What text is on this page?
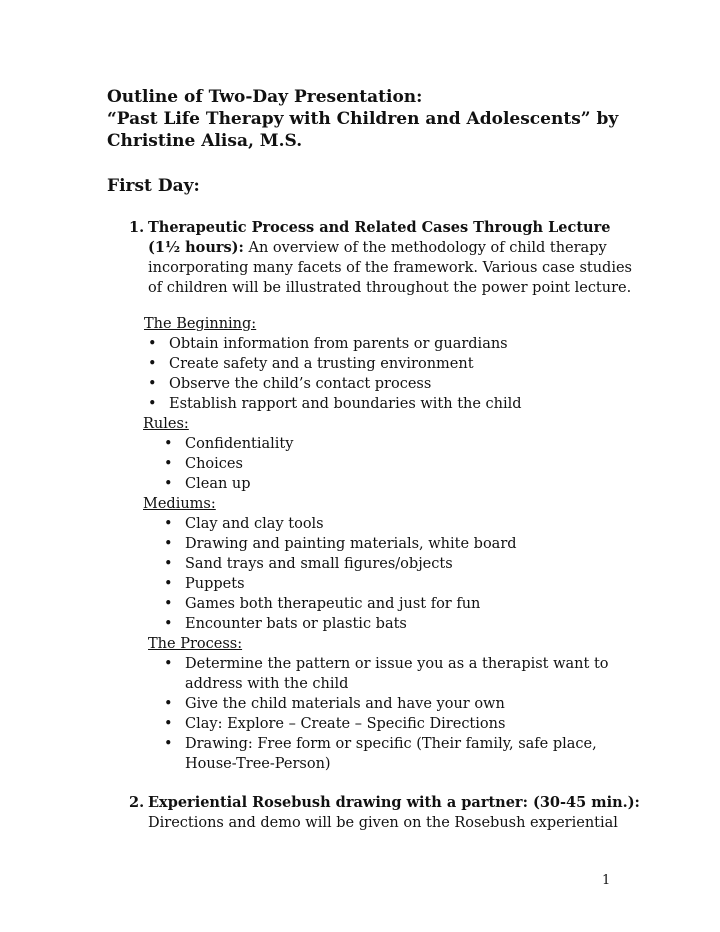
Outline of Two-Day Presentation:
“Past Life Therapy with Children and Adolescents” by
Christine Alisa, M.S.
First Day:
1. Therapeutic Process and Related Cases Through Lecture
(1½ hours): An overview of the methodology of child therapy
incorporating many facets of the framework. Various case studies
of children will be illustrated throughout the power point lecture.
The Beginning:
• Obtain information from parents or guardians
• Create safety and a trusting environment
• Observe the child’s contact process
• Establish rapport and boundaries with the child
Rules:
• Confidentiality
• Choices
• Clean up
Mediums:
• Clay and clay tools
• Drawing and painting materials, white board
• Sand trays and small figures/objects
• Puppets
• Games both therapeutic and just for fun
• Encounter bats or plastic bats
The Process:
• Determine the pattern or issue you as a therapist want to
address with the child
• Give the child materials and have your own
• Clay: Explore – Create – Specific Directions
• Drawing: Free form or specific (Their family, safe place,
House-Tree-Person)
2. Experiential Rosebush drawing with a partner: (30-45 min.):
Directions and demo will be given on the Rosebush experiential
1
